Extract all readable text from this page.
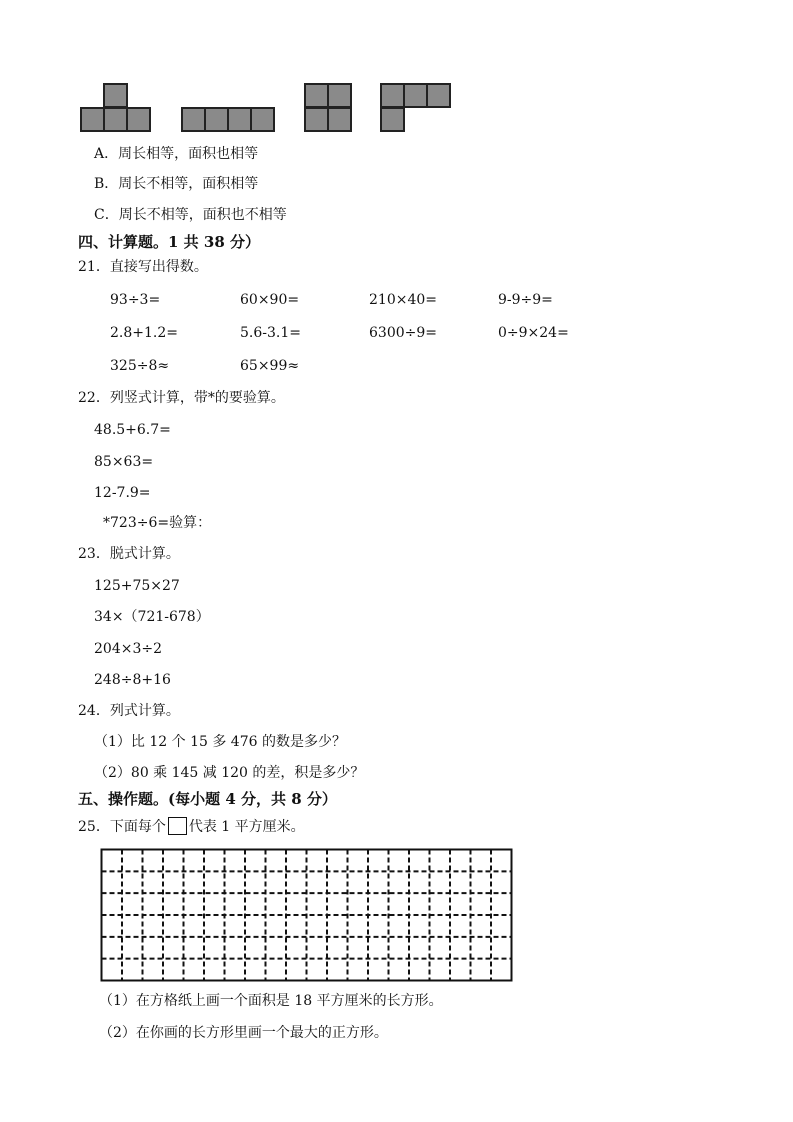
A．周长相等，面积也相等
B．周长不相等，面积相等
C．周长不相等，面积也不相等
四、计算题。1 共 38 分）
21．直接写出得数。
93÷3=	60×90=	210×40=	9-9÷9=
2.8+1.2=	5.6-3.1=	6300÷9=	0÷9×24=
325÷8≈	65×99≈
22．列竖式计算，带*的要验算。
48.5+6.7=
85×63=
12-7.9=
*723÷6=验算：
23．脱式计算。
125+75×27
34×（721-678）
204×3÷2
248÷8+16
24．列式计算。
（1）比 12 个 15 多 476 的数是多少？
（2）80 乘 145 减 120 的差，积是多少？
五、操作题。(每小题 4 分，共 8 分）
25．下面每个 代表 1 平方厘米。
（1）在方格纸上画一个面积是 18 平方厘米的长方形。
（2）在你画的长方形里画一个最大的正方形。
